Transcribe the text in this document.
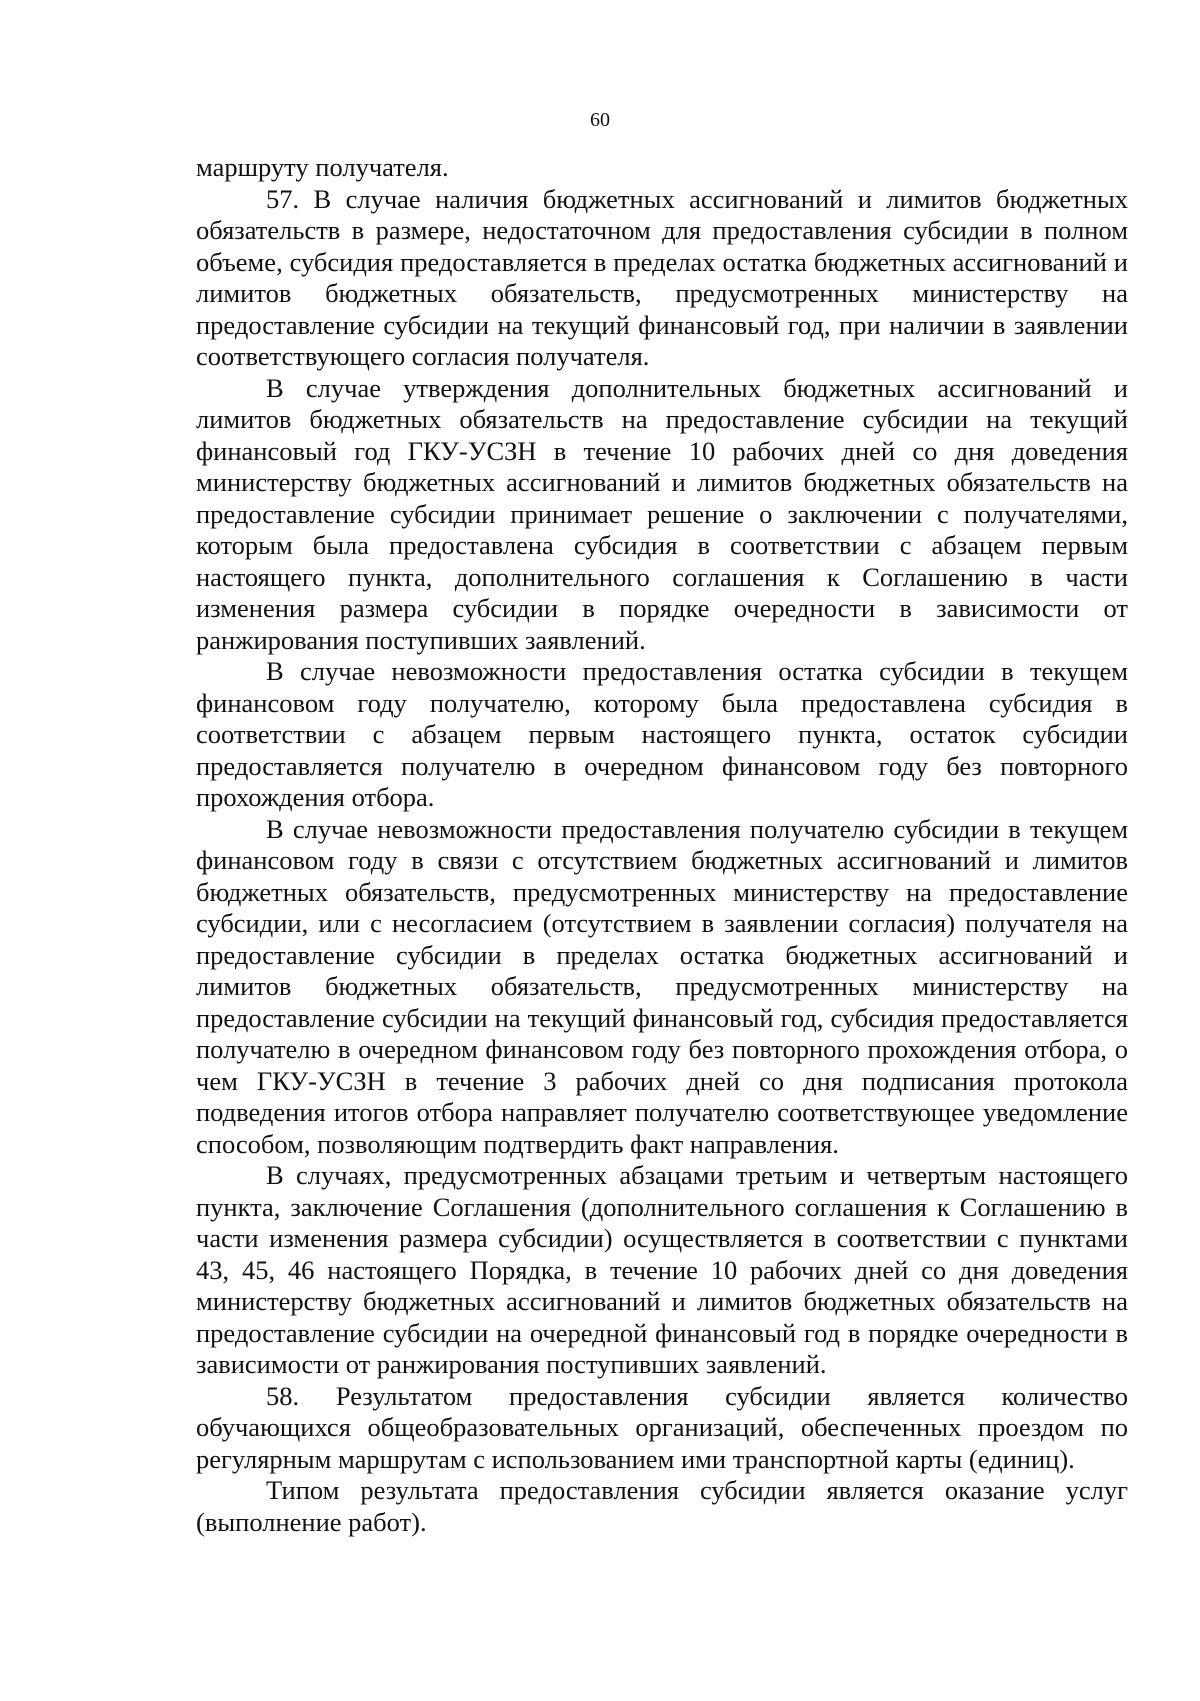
60

маршруту получателя.

57. В случае наличия бюджетных ассигнований и лимитов бюджетных обязательств в размере, недостаточном для предоставления субсидии в полном объеме, субсидия предоставляется в пределах остатка бюджетных ассигнований и лимитов бюджетных обязательств, предусмотренных министерству на предоставление субсидии на текущий финансовый год, при наличии в заявлении соответствующего согласия получателя.

В случае утверждения дополнительных бюджетных ассигнований и лимитов бюджетных обязательств на предоставление субсидии на текущий финансовый год ГКУ-УСЗН в течение 10 рабочих дней со дня доведения министерству бюджетных ассигнований и лимитов бюджетных обязательств на предоставление субсидии принимает решение о заключении с получателями, которым была предоставлена субсидия в соответствии с абзацем первым настоящего пункта, дополнительного соглашения к Соглашению в части изменения размера субсидии в порядке очередности в зависимости от ранжирования поступивших заявлений.

В случае невозможности предоставления остатка субсидии в текущем финансовом году получателю, которому была предоставлена субсидия в соответствии с абзацем первым настоящего пункта, остаток субсидии предоставляется получателю в очередном финансовом году без повторного прохождения отбора.

В случае невозможности предоставления получателю субсидии в текущем финансовом году в связи с отсутствием бюджетных ассигнований и лимитов бюджетных обязательств, предусмотренных министерству на предоставление субсидии, или с несогласием (отсутствием в заявлении согласия) получателя на предоставление субсидии в пределах остатка бюджетных ассигнований и лимитов бюджетных обязательств, предусмотренных министерству на предоставление субсидии на текущий финансовый год, субсидия предоставляется получателю в очередном финансовом году без повторного прохождения отбора, о чем ГКУ-УСЗН в течение 3 рабочих дней со дня подписания протокола подведения итогов отбора направляет получателю соответствующее уведомление способом, позволяющим подтвердить факт направления.

В случаях, предусмотренных абзацами третьим и четвертым настоящего пункта, заключение Соглашения (дополнительного соглашения к Соглашению в части изменения размера субсидии) осуществляется в соответствии с пунктами 43, 45, 46 настоящего Порядка, в течение 10 рабочих дней со дня доведения министерству бюджетных ассигнований и лимитов бюджетных обязательств на предоставление субсидии на очередной финансовый год в порядке очередности в зависимости от ранжирования поступивших заявлений.

58. Результатом предоставления субсидии является количество обучающихся общеобразовательных организаций, обеспеченных проездом по регулярным маршрутам с использованием ими транспортной карты (единиц).

Типом результата предоставления субсидии является оказание услуг (выполнение работ).
